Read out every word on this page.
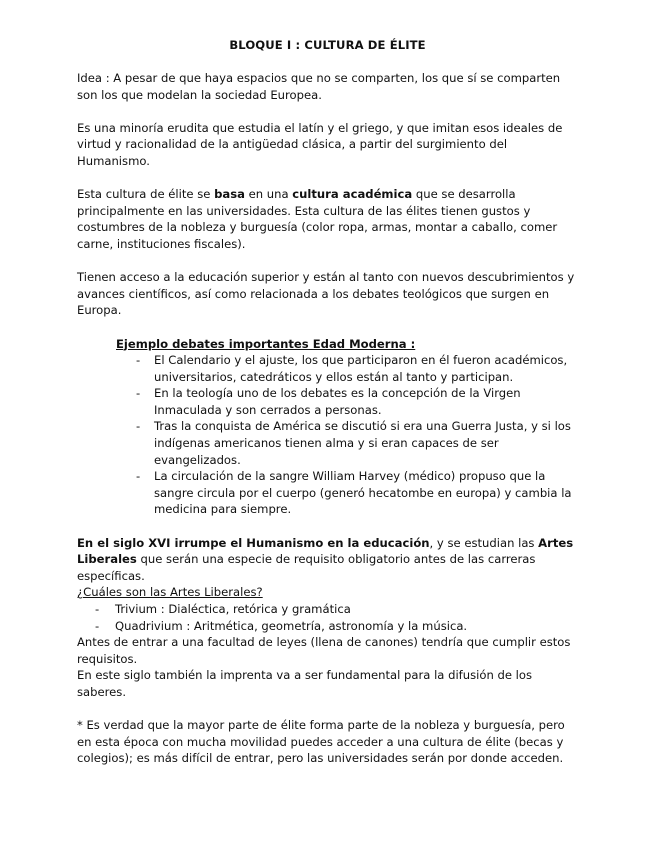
BLOQUE I : CULTURA DE ÉLITE

Idea : A pesar de que haya espacios que no se comparten, los que sí se comparten son los que modelan la sociedad Europea.

Es una minoría erudita que estudia el latín y el griego, y que imitan esos ideales de virtud y racionalidad de la antigüedad clásica, a partir del surgimiento del Humanismo.

Esta cultura de élite se basa en una cultura académica que se desarrolla principalmente en las universidades. Esta cultura de las élites tienen gustos y costumbres de la nobleza y burguesía (color ropa, armas, montar a caballo, comer carne, instituciones fiscales).

Tienen acceso a la educación superior y están al tanto con nuevos descubrimientos y avances científicos, así como relacionada a los debates teológicos que surgen en Europa.

Ejemplo debates importantes Edad Moderna :

- El Calendario y el ajuste, los que participaron en él fueron académicos, universitarios, catedráticos y ellos están al tanto y participan.
- En la teología uno de los debates es la concepción de la Virgen Inmaculada y son cerrados a personas.
- Tras la conquista de América se discutió si era una Guerra Justa, y si los indígenas americanos tienen alma y si eran capaces de ser evangelizados.
- La circulación de la sangre William Harvey (médico) propuso que la sangre circula por el cuerpo (generó hecatombe en europa) y cambia la medicina para siempre.

En el siglo XVI irrumpe el Humanismo en la educación, y se estudian las Artes Liberales que serán una especie de requisito obligatorio antes de las carreras específicas.

¿Cuáles son las Artes Liberales?

- Trivium : Dialéctica, retórica y gramática
- Quadrivium : Aritmética, geometría, astronomía y la música.

Antes de entrar a una facultad de leyes (llena de canones) tendría que cumplir estos requisitos.

En este siglo también la imprenta va a ser fundamental para la difusión de los saberes.

* Es verdad que la mayor parte de élite forma parte de la nobleza y burguesía, pero en esta época con mucha movilidad puedes acceder a una cultura de élite (becas y colegios); es más difícil de entrar, pero las universidades serán por donde acceden.
